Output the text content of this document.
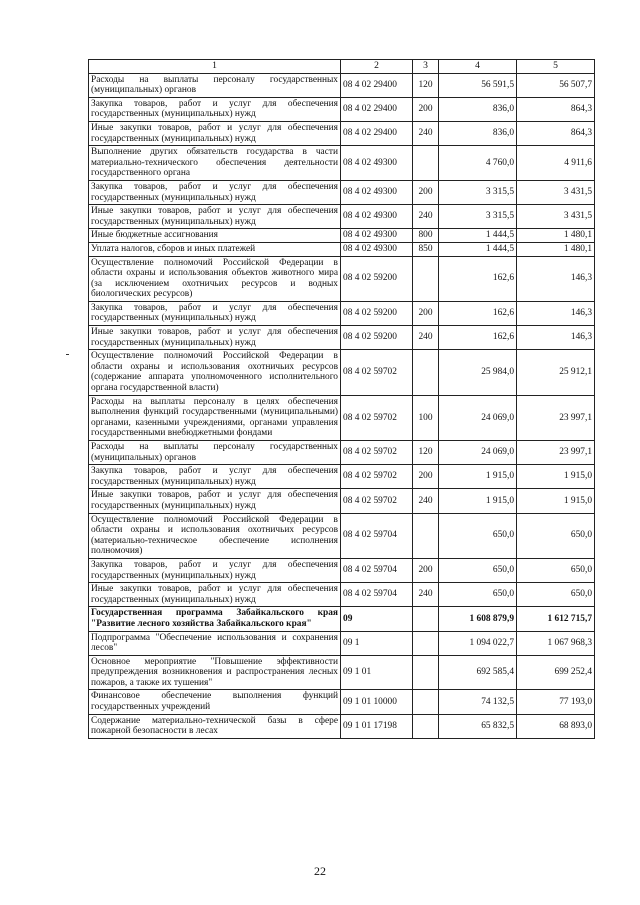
1	2	3	4	5
Расходы на выплаты персоналу государственных (муниципальных) органов	08 4 02 29400	120	56 591,5	56 507,7
Закупка товаров, работ и услуг для обеспечения государственных (муниципальных) нужд	08 4 02 29400	200	836,0	864,3
Иные закупки товаров, работ и услуг для обеспечения государственных (муниципальных) нужд	08 4 02 29400	240	836,0	864,3
Выполнение других обязательств государства в части материально-технического обеспечения деятельности государственного органа	08 4 02 49300		4 760,0	4 911,6
Закупка товаров, работ и услуг для обеспечения государственных (муниципальных) нужд	08 4 02 49300	200	3 315,5	3 431,5
Иные закупки товаров, работ и услуг для обеспечения государственных (муниципальных) нужд	08 4 02 49300	240	3 315,5	3 431,5
Иные бюджетные ассигнования	08 4 02 49300	800	1 444,5	1 480,1
Уплата налогов, сборов и иных платежей	08 4 02 49300	850	1 444,5	1 480,1
Осуществление полномочий Российской Федерации в области охраны и использования объектов животного мира (за исключением охотничьих ресурсов и водных биологических ресурсов)	08 4 02 59200		162,6	146,3
Закупка товаров, работ и услуг для обеспечения государственных (муниципальных) нужд	08 4 02 59200	200	162,6	146,3
Иные закупки товаров, работ и услуг для обеспечения государственных (муниципальных) нужд	08 4 02 59200	240	162,6	146,3
Осуществление полномочий Российской Федерации в области охраны и использования охотничьих ресурсов (содержание аппарата уполномоченного исполнительного органа государственной власти)	08 4 02 59702		25 984,0	25 912,1
Расходы на выплаты персоналу в целях обеспечения выполнения функций государственными (муниципальными) органами, казенными учреждениями, органами управления государственными внебюджетными фондами	08 4 02 59702	100	24 069,0	23 997,1
Расходы на выплаты персоналу государственных (муниципальных) органов	08 4 02 59702	120	24 069,0	23 997,1
Закупка товаров, работ и услуг для обеспечения государственных (муниципальных) нужд	08 4 02 59702	200	1 915,0	1 915,0
Иные закупки товаров, работ и услуг для обеспечения государственных (муниципальных) нужд	08 4 02 59702	240	1 915,0	1 915,0
Осуществление полномочий Российской Федерации в области охраны и использования охотничьих ресурсов (материально-техническое обеспечение исполнения полномочия)	08 4 02 59704		650,0	650,0
Закупка товаров, работ и услуг для обеспечения государственных (муниципальных) нужд	08 4 02 59704	200	650,0	650,0
Иные закупки товаров, работ и услуг для обеспечения государственных (муниципальных) нужд	08 4 02 59704	240	650,0	650,0
Государственная программа Забайкальского края "Развитие лесного хозяйства Забайкальского края"	09		1 608 879,9	1 612 715,7
Подпрограмма "Обеспечение использования и сохранения лесов"	09 1		1 094 022,7	1 067 968,3
Основное мероприятие "Повышение эффективности предупреждения возникновения и распространения лесных пожаров, а также их тушения"	09 1 01		692 585,4	699 252,4
Финансовое обеспечение выполнения функций государственных учреждений	09 1 01 10000		74 132,5	77 193,0
Содержание материально-технической базы в сфере пожарной безопасности в лесах	09 1 01 17198		65 832,5	68 893,0
22
